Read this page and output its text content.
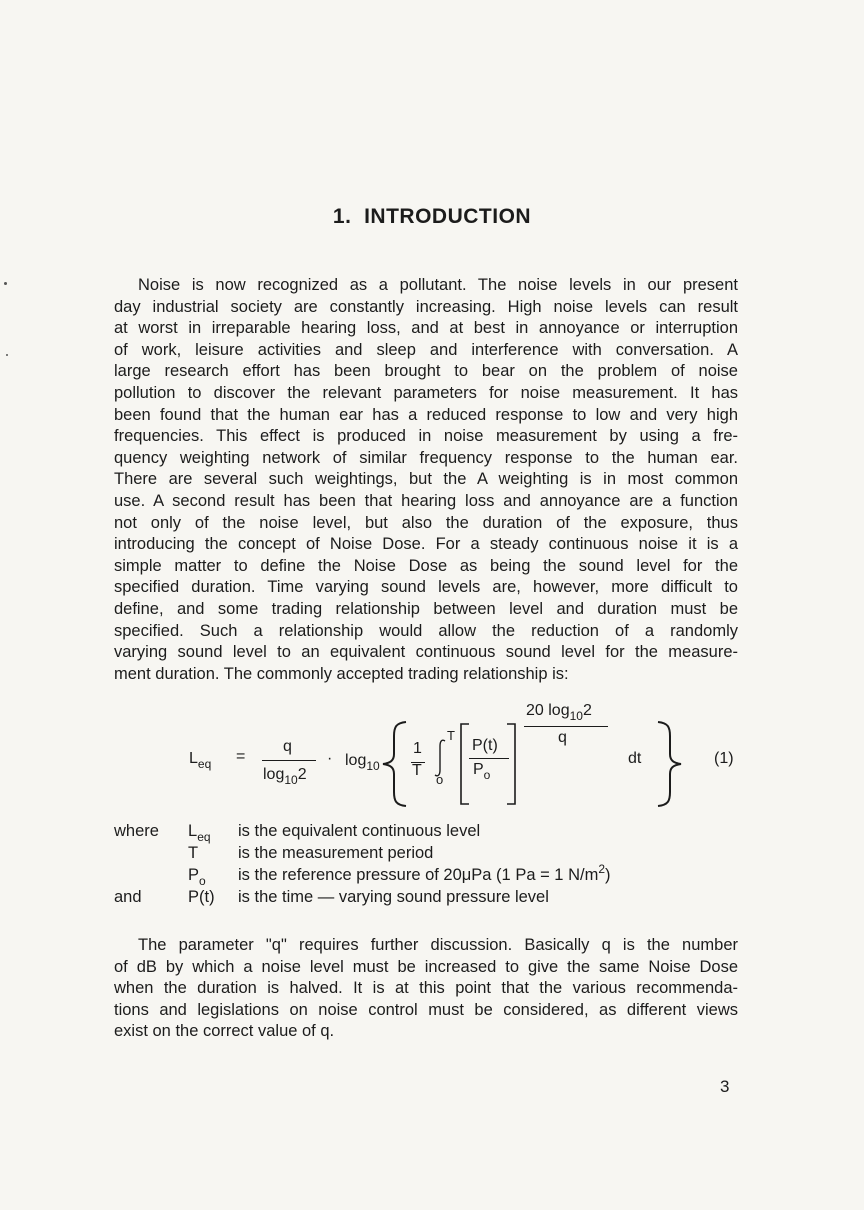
1. INTRODUCTION
Noise is now recognized as a pollutant. The noise levels in our present
day industrial society are constantly increasing. High noise levels can result
at worst in irreparable hearing loss, and at best in annoyance or interruption
of work, leisure activities and sleep and interference with conversation. A
large research effort has been brought to bear on the problem of noise
pollution to discover the relevant parameters for noise measurement. It has
been found that the human ear has a reduced response to low and very high
frequencies. This effect is produced in noise measurement by using a fre-
quency weighting network of similar frequency response to the human ear.
There are several such weightings, but the A weighting is in most common
use. A second result has been that hearing loss and annoyance are a function
not only of the noise level, but also the duration of the exposure, thus
introducing the concept of Noise Dose. For a steady continuous noise it is a
simple matter to define the Noise Dose as being the sound level for the
specified duration. Time varying sound levels are, however, more difficult to
define, and some trading relationship between level and duration must be
specified. Such a relationship would allow the reduction of a randomly
varying sound level to an equivalent continuous sound level for the measure-
ment duration. The commonly accepted trading relationship is:
$L_{eq}$ =
q
$\log_{10}2$
· $\log_{10}$
1
T
T
o
P(t)
$P_o$
20 $\log_{10}2$
q
dt	(1)
where $L_{eq}$ is the equivalent continuous level
T is the measurement period
$P_o$ is the reference pressure of 20μPa (1 Pa = 1 $N/m^2$)
and	P(t) is the time — varying sound pressure level
The parameter "q" requires further discussion. Basically q is the number
of dB by which a noise level must be increased to give the same Noise Dose
when the duration is halved. It is at this point that the various recommenda-
tions and legislations on noise control must be considered, as different views
exist on the correct value of q.
3
